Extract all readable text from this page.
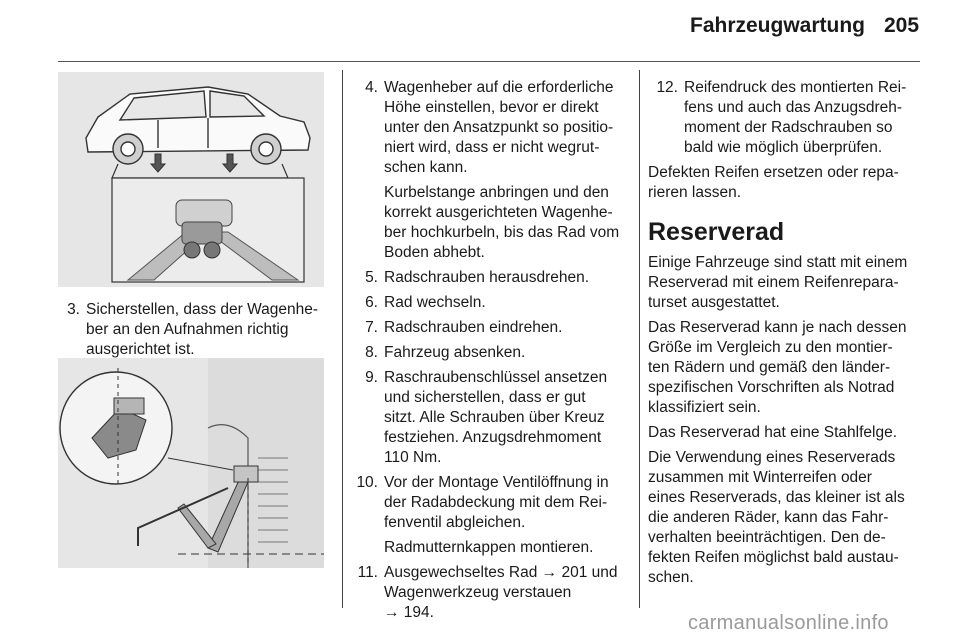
Fahrzeugwartung 205
3. Sicherstellen, dass der Wagenhe-
ber an den Aufnahmen richtig
ausgerichtet ist.
4. Wagenheber auf die erforderliche
Höhe einstellen, bevor er direkt
unter den Ansatzpunkt so positio-
niert wird, dass er nicht wegrut-
schen kann.
Kurbelstange anbringen und den
korrekt ausgerichteten Wagenhe-
ber hochkurbeln, bis das Rad vom
Boden abhebt.
5. Radschrauben herausdrehen.
6. Rad wechseln.
7. Radschrauben eindrehen.
8. Fahrzeug absenken.
9. Raschraubenschlüssel ansetzen
und sicherstellen, dass er gut
sitzt. Alle Schrauben über Kreuz
festziehen. Anzugsdrehmoment
110 Nm.
10. Vor der Montage Ventilöffnung in
der Radabdeckung mit dem Rei-
fenventil abgleichen.
Radmutternkappen montieren.
11. Ausgewechseltes Rad → 201 und
Wagenwerkzeug verstauen
→ 194.
12. Reifendruck des montierten Rei-
fens und auch das Anzugsdreh-
moment der Radschrauben so
bald wie möglich überprüfen.
Defekten Reifen ersetzen oder repa-
rieren lassen.
Reserverad
Einige Fahrzeuge sind statt mit einem
Reserverad mit einem Reifenrepara-
turset ausgestattet.
Das Reserverad kann je nach dessen
Größe im Vergleich zu den montier-
ten Rädern und gemäß den länder-
spezifischen Vorschriften als Notrad
klassifiziert sein.
Das Reserverad hat eine Stahlfelge.
Die Verwendung eines Reserverads
zusammen mit Winterreifen oder
eines Reserverads, das kleiner ist als
die anderen Räder, kann das Fahr-
verhalten beeinträchtigen. Den de-
fekten Reifen möglichst bald austau-
schen.
carmanualsonline.info
